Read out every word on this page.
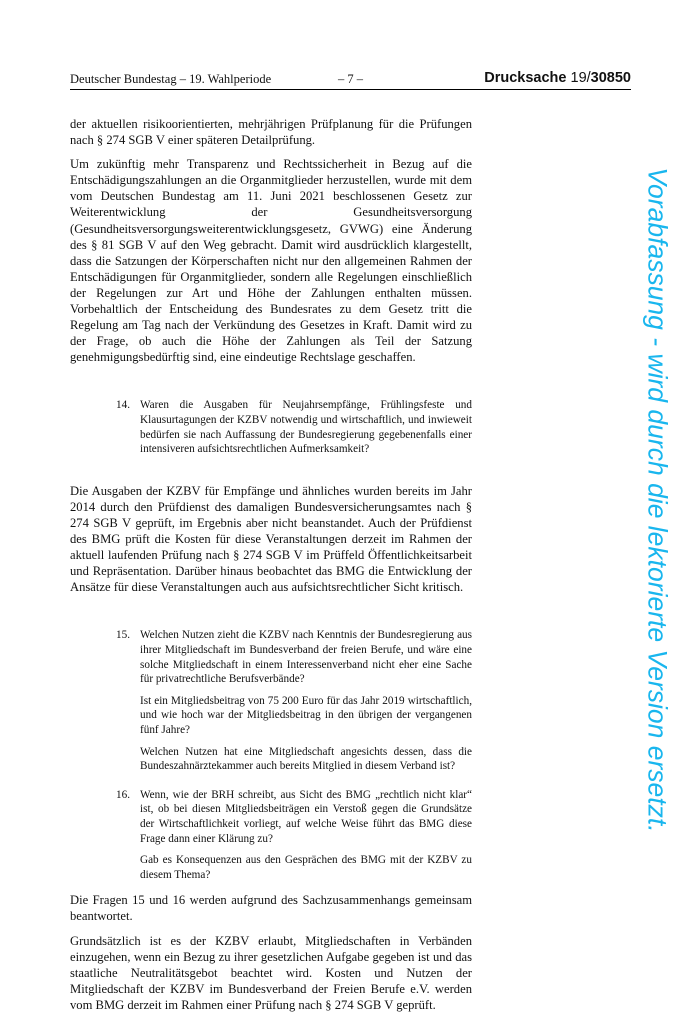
Deutscher Bundestag – 19. Wahlperiode	– 7 –	Drucksache 19/30850

der aktuellen risikoorientierten, mehrjährigen Prüfplanung für die Prüfungen nach § 274 SGB V einer späteren Detailprüfung.

Um zukünftig mehr Transparenz und Rechtssicherheit in Bezug auf die Entschädigungszahlungen an die Organmitglieder herzustellen, wurde mit dem vom Deutschen Bundestag am 11. Juni 2021 beschlossenen Gesetz zur Weiterentwicklung der Gesundheitsversorgung (Gesundheitsversorgungsweiterentwicklungsgesetz, GVWG) eine Änderung des § 81 SGB V auf den Weg gebracht. Damit wird ausdrücklich klargestellt, dass die Satzungen der Körperschaften nicht nur den allgemeinen Rahmen der Entschädigungen für Organmitglieder, sondern alle Regelungen einschließlich der Regelungen zur Art und Höhe der Zahlungen enthalten müssen. Vorbehaltlich der Entscheidung des Bundesrates zu dem Gesetz tritt die Regelung am Tag nach der Verkündung des Gesetzes in Kraft. Damit wird zu der Frage, ob auch die Höhe der Zahlungen als Teil der Satzung genehmigungsbedürftig sind, eine eindeutige Rechtslage geschaffen.

14. Waren die Ausgaben für Neujahrsempfänge, Frühlingsfeste und Klausurtagungen der KZBV notwendig und wirtschaftlich, und inwieweit bedürfen sie nach Auffassung der Bundesregierung gegebenenfalls einer intensiveren aufsichtsrechtlichen Aufmerksamkeit?

Die Ausgaben der KZBV für Empfänge und ähnliches wurden bereits im Jahr 2014 durch den Prüfdienst des damaligen Bundesversicherungsamtes nach § 274 SGB V geprüft, im Ergebnis aber nicht beanstandet. Auch der Prüfdienst des BMG prüft die Kosten für diese Veranstaltungen derzeit im Rahmen der aktuell laufenden Prüfung nach § 274 SGB V im Prüffeld Öffentlichkeitsarbeit und Repräsentation. Darüber hinaus beobachtet das BMG die Entwicklung der Ansätze für diese Veranstaltungen auch aus aufsichtsrechtlicher Sicht kritisch.

15. Welchen Nutzen zieht die KZBV nach Kenntnis der Bundesregierung aus ihrer Mitgliedschaft im Bundesverband der freien Berufe, und wäre eine solche Mitgliedschaft in einem Interessenverband nicht eher eine Sache für privatrechtliche Berufsverbände?

Ist ein Mitgliedsbeitrag von 75 200 Euro für das Jahr 2019 wirtschaftlich, und wie hoch war der Mitgliedsbeitrag in den übrigen der vergangenen fünf Jahre?

Welchen Nutzen hat eine Mitgliedschaft angesichts dessen, dass die Bundeszahnärztekammer auch bereits Mitglied in diesem Verband ist?

16. Wenn, wie der BRH schreibt, aus Sicht des BMG „rechtlich nicht klar“ ist, ob bei diesen Mitgliedsbeiträgen ein Verstoß gegen die Grundsätze der Wirtschaftlichkeit vorliegt, auf welche Weise führt das BMG diese Frage dann einer Klärung zu?

Gab es Konsequenzen aus den Gesprächen des BMG mit der KZBV zu diesem Thema?

Die Fragen 15 und 16 werden aufgrund des Sachzusammenhangs gemeinsam beantwortet.

Grundsätzlich ist es der KZBV erlaubt, Mitgliedschaften in Verbänden einzugehen, wenn ein Bezug zu ihrer gesetzlichen Aufgabe gegeben ist und das staatliche Neutralitätsgebot beachtet wird. Kosten und Nutzen der Mitgliedschaft der KZBV im Bundesverband der Freien Berufe e.V. werden vom BMG derzeit im Rahmen einer Prüfung nach § 274 SGB V geprüft.

Vorabfassung - wird durch die lektorierte Version ersetzt.
